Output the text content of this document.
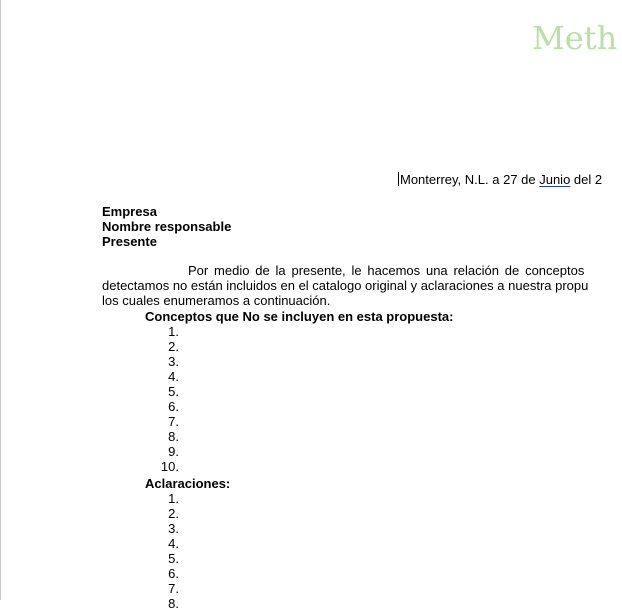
Meth
Monterrey, N.L. a 27 de Junio del 2
Empresa
Nombre responsable
Presente
Por medio de la presente, le hacemos una relación de conceptos
detectamos no están incluidos en el catalogo original y aclaraciones a nuestra propu
los cuales enumeramos a continuación.
Conceptos que No se incluyen en esta propuesta:
1.
2.
3.
4.
5.
6.
7.
8.
9.
10.
Aclaraciones:
1.
2.
3.
4.
5.
6.
7.
8.
